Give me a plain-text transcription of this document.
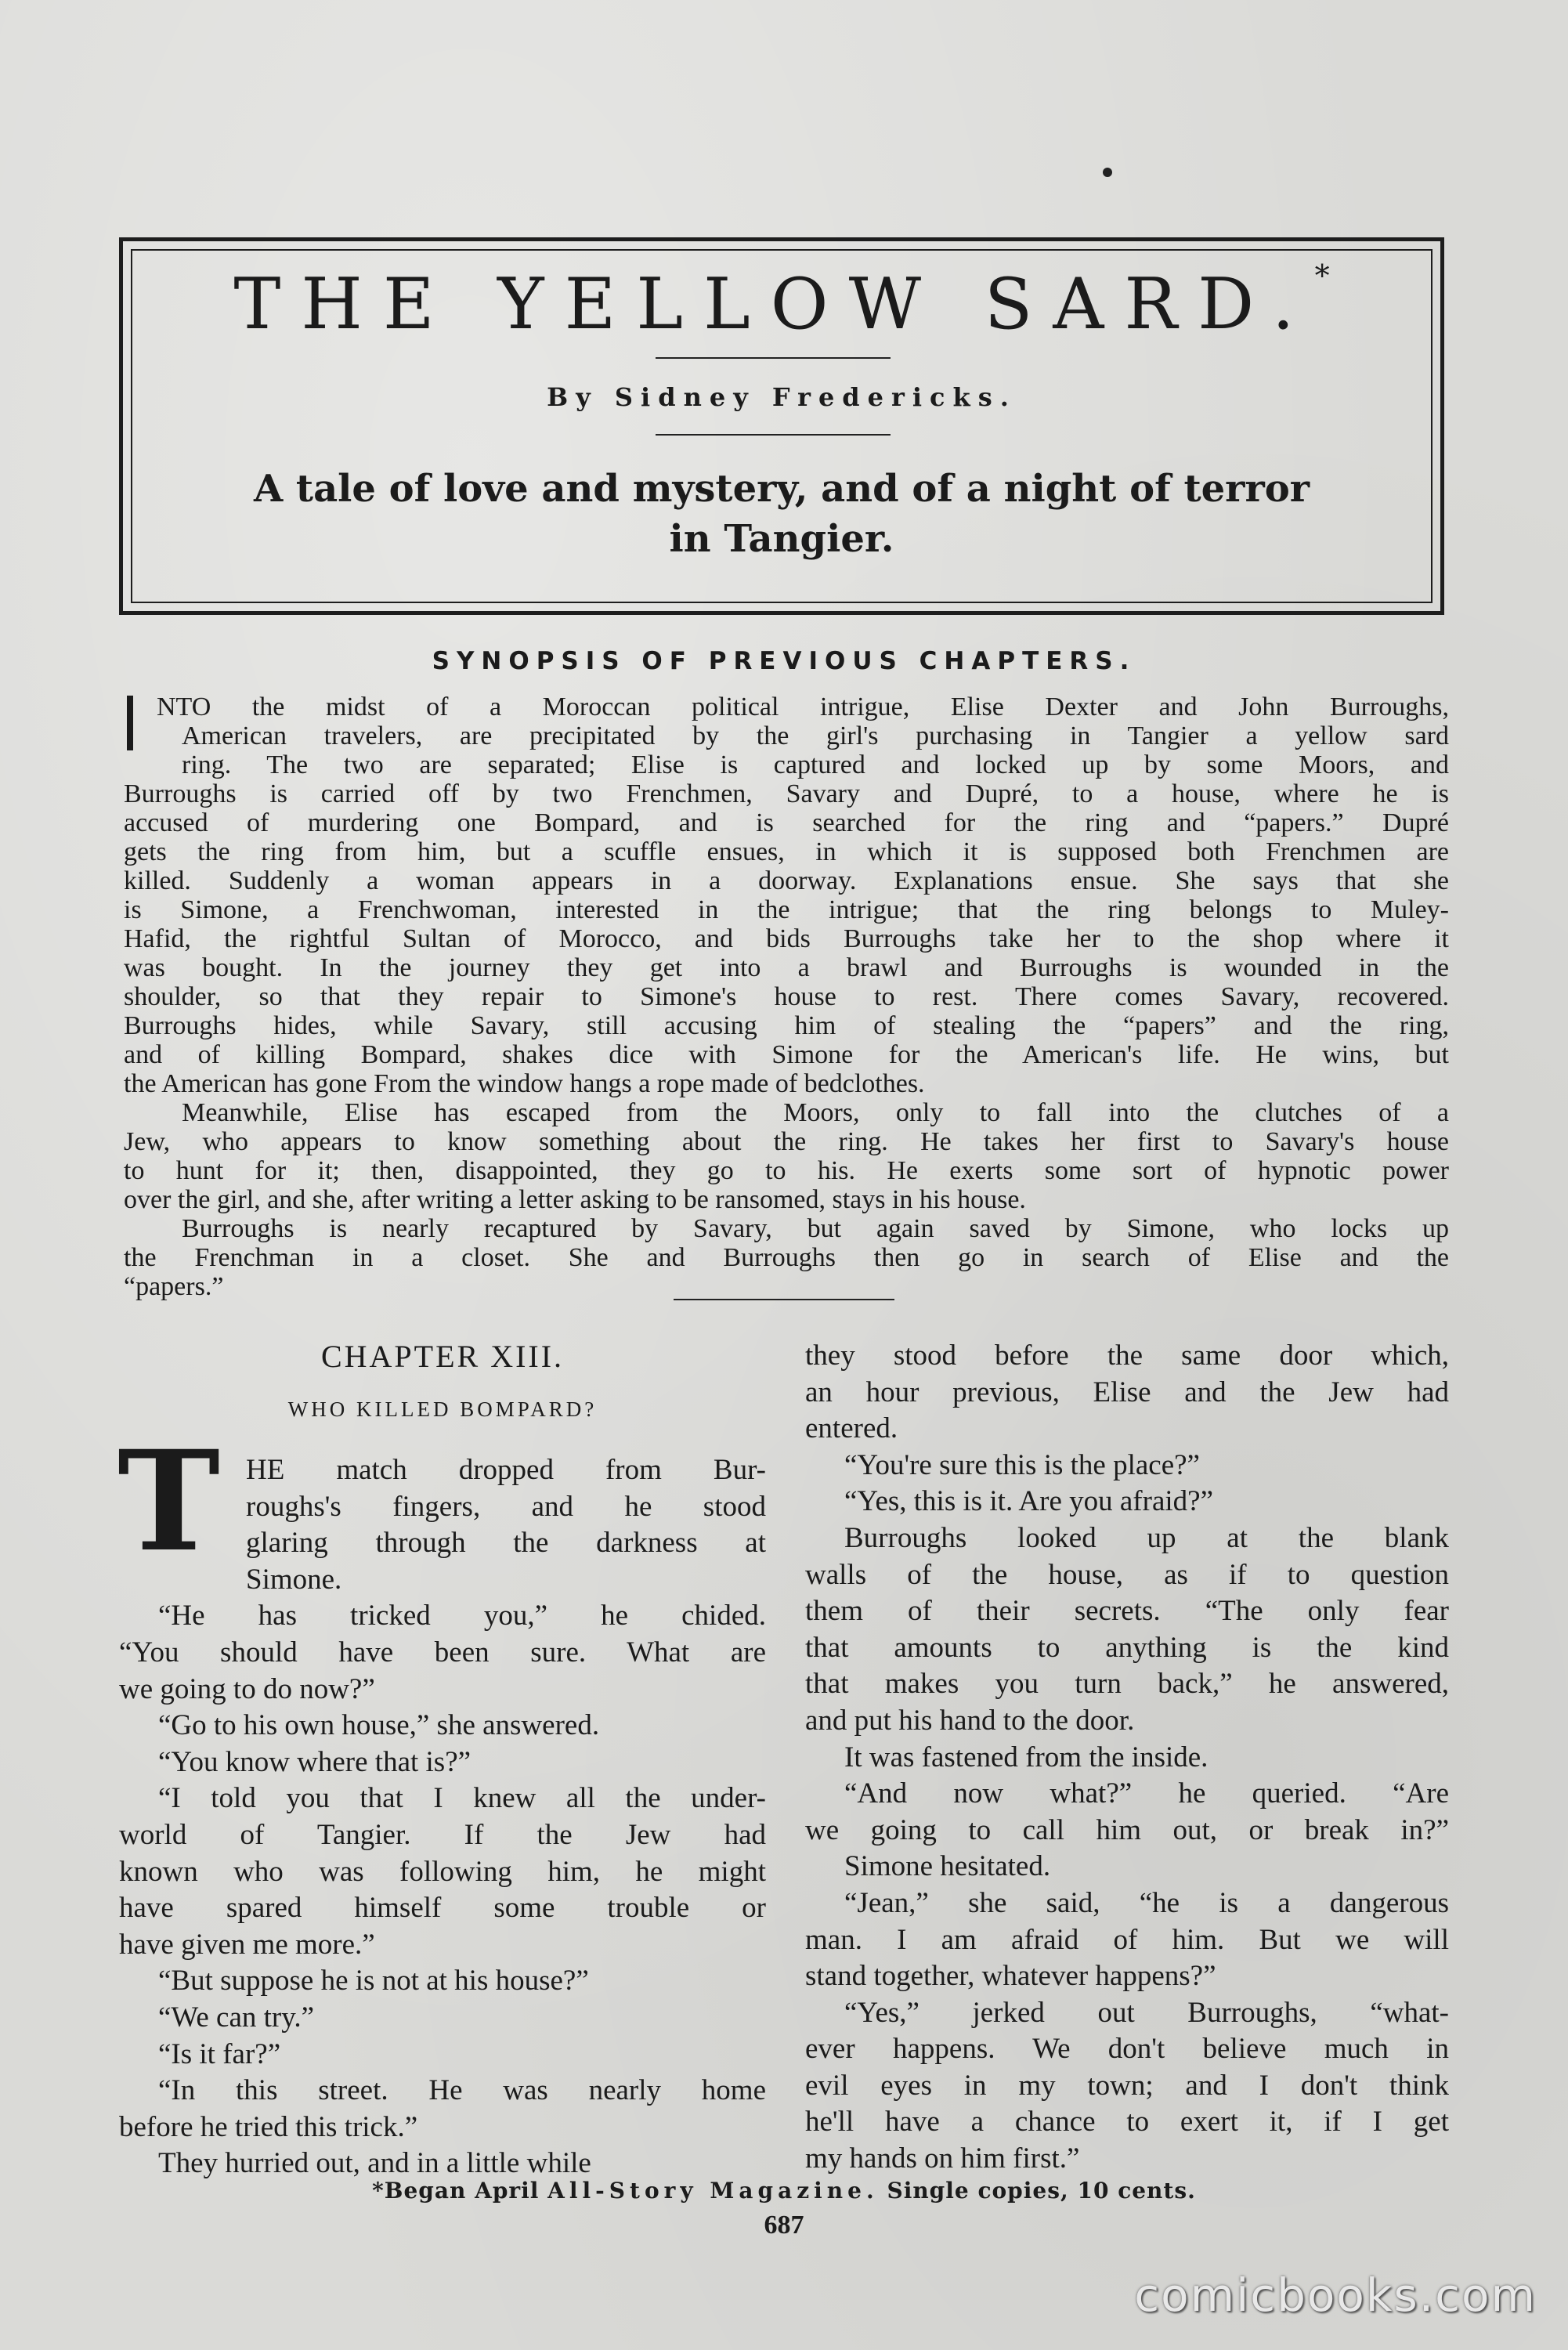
THE YELLOW SARD.*
By Sidney Fredericks.
A tale of love and mystery, and of a night of terror
in Tangier.
SYNOPSIS OF PREVIOUS CHAPTERS.
NTO the midst of a Moroccan political intrigue, Elise Dexter and John Burroughs,
American travelers, are precipitated by the girl's purchasing in Tangier a yellow sard
ring. The two are separated; Elise is captured and locked up by some Moors, and
Burroughs is carried off by two Frenchmen, Savary and Dupré, to a house, where he is
accused of murdering one Bompard, and is searched for the ring and “papers.” Dupré
gets the ring from him, but a scuffle ensues, in which it is supposed both Frenchmen are
killed. Suddenly a woman appears in a doorway. Explanations ensue. She says that she
is Simone, a Frenchwoman, interested in the intrigue; that the ring belongs to Muley-
Hafid, the rightful Sultan of Morocco, and bids Burroughs take her to the shop where it
was bought. In the journey they get into a brawl and Burroughs is wounded in the
shoulder, so that they repair to Simone's house to rest. There comes Savary, recovered.
Burroughs hides, while Savary, still accusing him of stealing the “papers” and the ring,
and of killing Bompard, shakes dice with Simone for the American's life. He wins, but
the American has gone From the window hangs a rope made of bedclothes.
Meanwhile, Elise has escaped from the Moors, only to fall into the clutches of a
Jew, who appears to know something about the ring. He takes her first to Savary's house
to hunt for it; then, disappointed, they go to his. He exerts some sort of hypnotic power
over the girl, and she, after writing a letter asking to be ransomed, stays in his house.
Burroughs is nearly recaptured by Savary, but again saved by Simone, who locks up
the Frenchman in a closet. She and Burroughs then go in search of Elise and the
“papers.”
CHAPTER XIII.
WHO KILLED BOMPARD?
T HE match dropped from Bur-
roughs's fingers, and he stood
glaring through the darkness at
Simone.
“He has tricked you,” he chided.
“You should have been sure. What are
we going to do now?”
“Go to his own house,” she answered.
“You know where that is?”
“I told you that I knew all the under-
world of Tangier. If the Jew had
known who was following him, he might
have spared himself some trouble or
have given me more.”
“But suppose he is not at his house?”
“We can try.”
“Is it far?”
“In this street. He was nearly home
before he tried this trick.”
They hurried out, and in a little while
they stood before the same door which,
an hour previous, Elise and the Jew had
entered.
“You're sure this is the place?”
“Yes, this is it. Are you afraid?”
Burroughs looked up at the blank
walls of the house, as if to question
them of their secrets. “The only fear
that amounts to anything is the kind
that makes you turn back,” he answered,
and put his hand to the door.
It was fastened from the inside.
“And now what?” he queried. “Are
we going to call him out, or break in?”
Simone hesitated.
“Jean,” she said, “he is a dangerous
man. I am afraid of him. But we will
stand together, whatever happens?”
“Yes,” jerked out Burroughs, “what-
ever happens. We don't believe much in
evil eyes in my town; and I don't think
he'll have a chance to exert it, if I get
my hands on him first.”
*Began April All-Story Magazine. Single copies, 10 cents.
687
comicbooks.com
